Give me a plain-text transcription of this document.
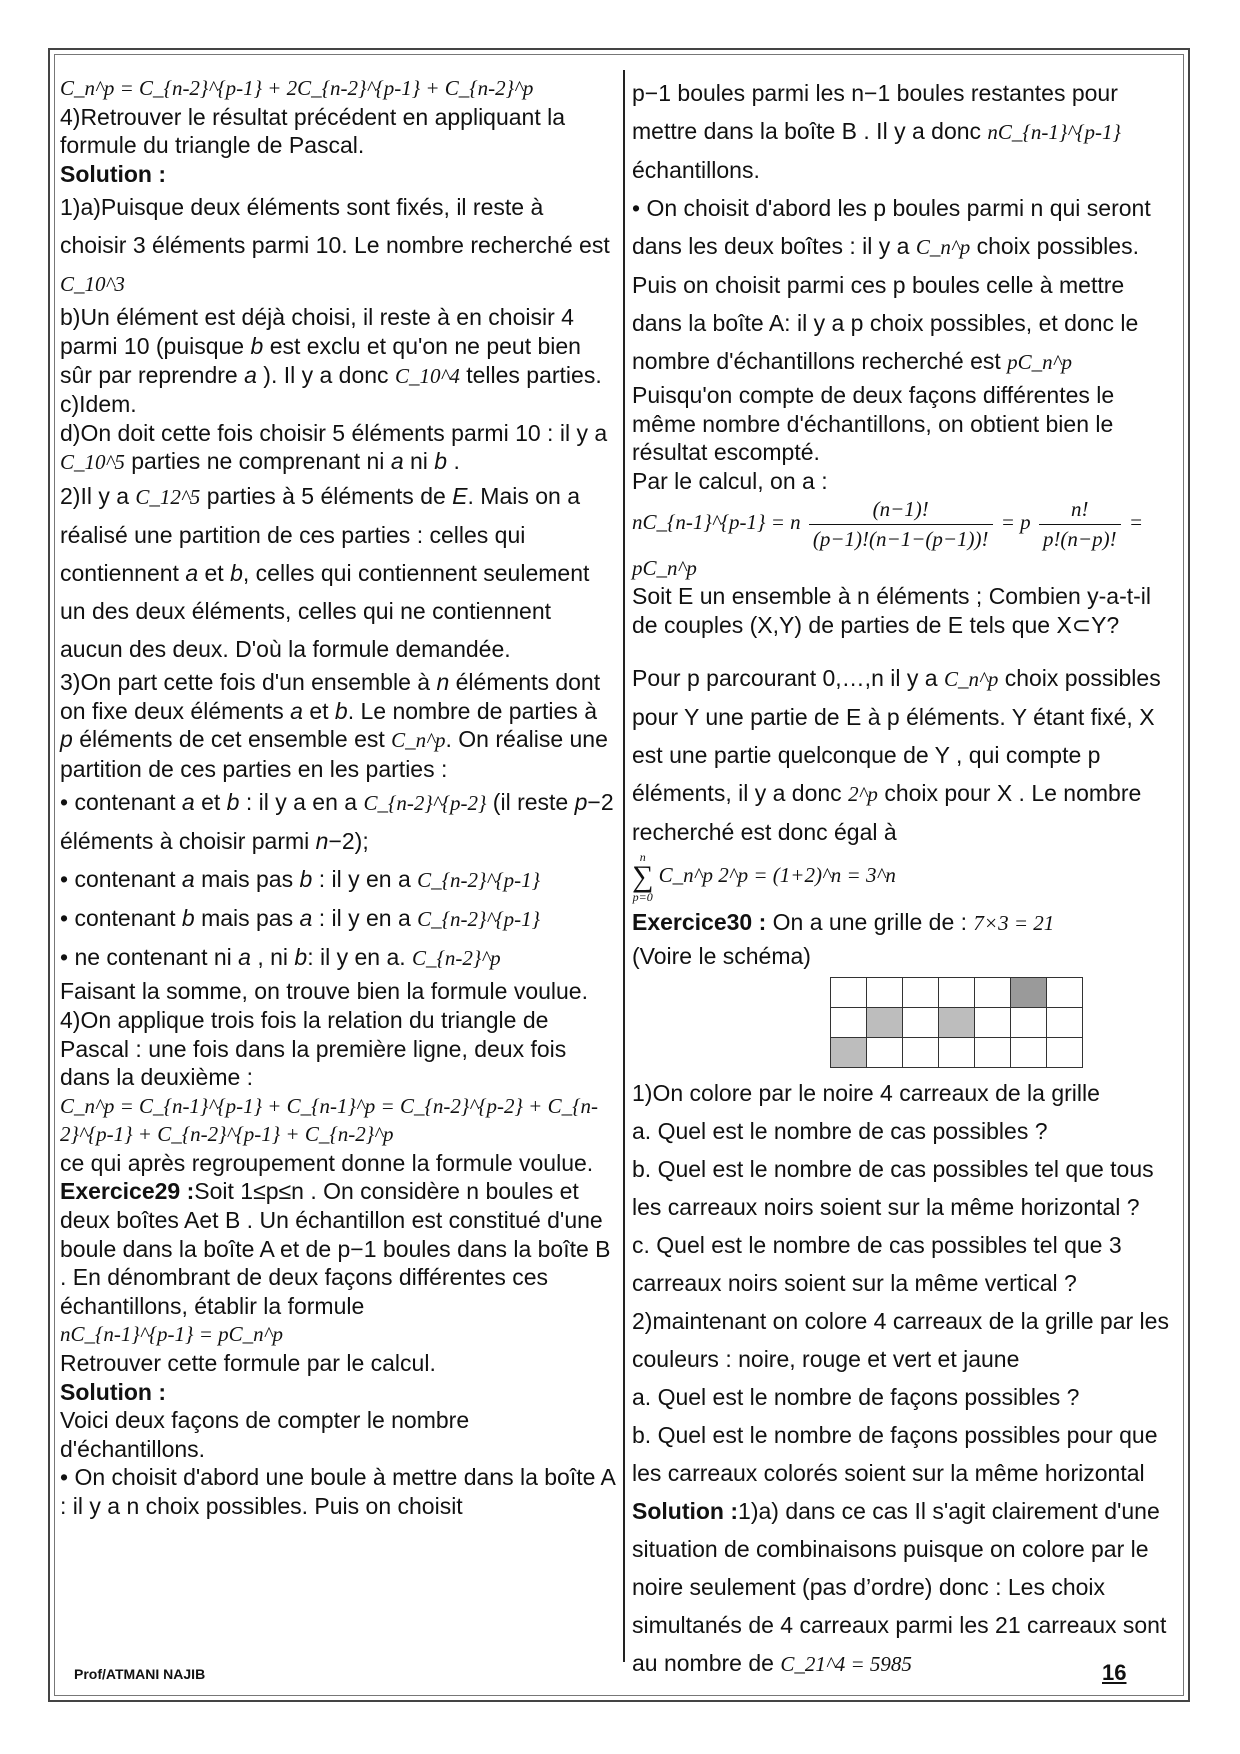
C_n^p = C_{n-2}^{p-1} + 2C_{n-2}^{p-1} + C_{n-2}^p

4)Retrouver le résultat précédent en appliquant la formule du triangle de Pascal.

Solution :

1)a)Puisque deux éléments sont fixés, il reste à choisir 3 éléments parmi 10. Le nombre recherché est C_10^3

b)Un élément est déjà choisi, il reste à en choisir 4 parmi 10 (puisque b est exclu et qu'on ne peut bien sûr par reprendre a ). Il y a donc C_10^4 telles parties.

c)Idem.

d)On doit cette fois choisir 5 éléments parmi 10 : il y a C_10^5 parties ne comprenant ni a ni b .

2)Il y a C_12^5 parties à 5 éléments de E. Mais on a réalisé une partition de ces parties : celles qui contiennent a et b, celles qui contiennent seulement un des deux éléments, celles qui ne contiennent aucun des deux. D'où la formule demandée.

3)On part cette fois d'un ensemble à n éléments dont on fixe deux éléments a et b. Le nombre de parties à p éléments de cet ensemble est C_n^p. On réalise une partition de ces parties en les parties :

• contenant a et b : il y a en a C_{n-2}^{p-2} (il reste p−2 éléments à choisir parmi n−2);

• contenant a mais pas b : il y en a C_{n-2}^{p-1}

• contenant b mais pas a : il y en a C_{n-2}^{p-1}

• ne contenant ni a , ni b: il y en a. C_{n-2}^p

Faisant la somme, on trouve bien la formule voulue.

4)On applique trois fois la relation du triangle de Pascal : une fois dans la première ligne, deux fois dans la deuxième :

C_n^p = C_{n-1}^{p-1} + C_{n-1}^p = C_{n-2}^{p-2} + C_{n-2}^{p-1} + C_{n-2}^{p-1} + C_{n-2}^p

ce qui après regroupement donne la formule voulue.

Exercice29 :Soit 1≤p≤n . On considère n boules et deux boîtes Aet B . Un échantillon est constitué d'une boule dans la boîte A et de p−1 boules dans la boîte B . En dénombrant de deux façons différentes ces échantillons, établir la formule

nC_{n-1}^{p-1} = pC_n^p

Retrouver cette formule par le calcul.

Solution :

Voici deux façons de compter le nombre d'échantillons.

• On choisit d'abord une boule à mettre dans la boîte A : il y a n choix possibles. Puis on choisit

p−1 boules parmi les n−1 boules restantes pour mettre dans la boîte B . Il y a donc nC_{n-1}^{p-1} échantillons.

• On choisit d'abord les p boules parmi n qui seront dans les deux boîtes : il y a C_n^p choix possibles. Puis on choisit parmi ces p boules celle à mettre dans la boîte A: il y a p choix possibles, et donc le nombre d'échantillons recherché est pC_n^p

Puisqu'on compte de deux façons différentes le même nombre d'échantillons, on obtient bien le résultat escompté.

Par le calcul, on a :

nC_{n-1}^{p-1} = n $\frac{(n-1)!}{(p-1)!(n-1-(p-1))!} = p \frac{n!}{p!(n-p)!}$ = pC_n^p

Soit E un ensemble à n éléments ; Combien y-a-t-il de couples (X,Y) de parties de E tels que X⊂Y?

Pour p parcourant 0,…,n il y a C_n^p choix possibles pour Y une partie de E à p éléments. Y étant fixé, X est une partie quelconque de Y , qui compte p éléments, il y a donc 2^p choix pour X . Le nombre recherché est donc égal à

n
∑
p=0 C_n^p 2^p = (1+2)^n = 3^n

Exercice30 : On a une grille de : 7×3 = 21

(Voire le schéma)

1)On colore par le noire 4 carreaux de la grille

a. Quel est le nombre de cas possibles ?

b. Quel est le nombre de cas possibles tel que tous les carreaux noirs soient sur la même horizontal ?

c. Quel est le nombre de cas possibles tel que 3 carreaux noirs soient sur la même vertical ?

2)maintenant on colore 4 carreaux de la grille par les couleurs : noire, rouge et vert et jaune

a. Quel est le nombre de façons possibles ?

b. Quel est le nombre de façons possibles pour que les carreaux colorés soient sur la même horizontal

Solution :1)a) dans ce cas Il s'agit clairement d'une situation de combinaisons puisque on colore par le noire seulement (pas d’ordre) donc : Les choix simultanés de 4 carreaux parmi les 21 carreaux sont au nombre de C_21^4 = 5985

Prof/ATMANI NAJIB	16
